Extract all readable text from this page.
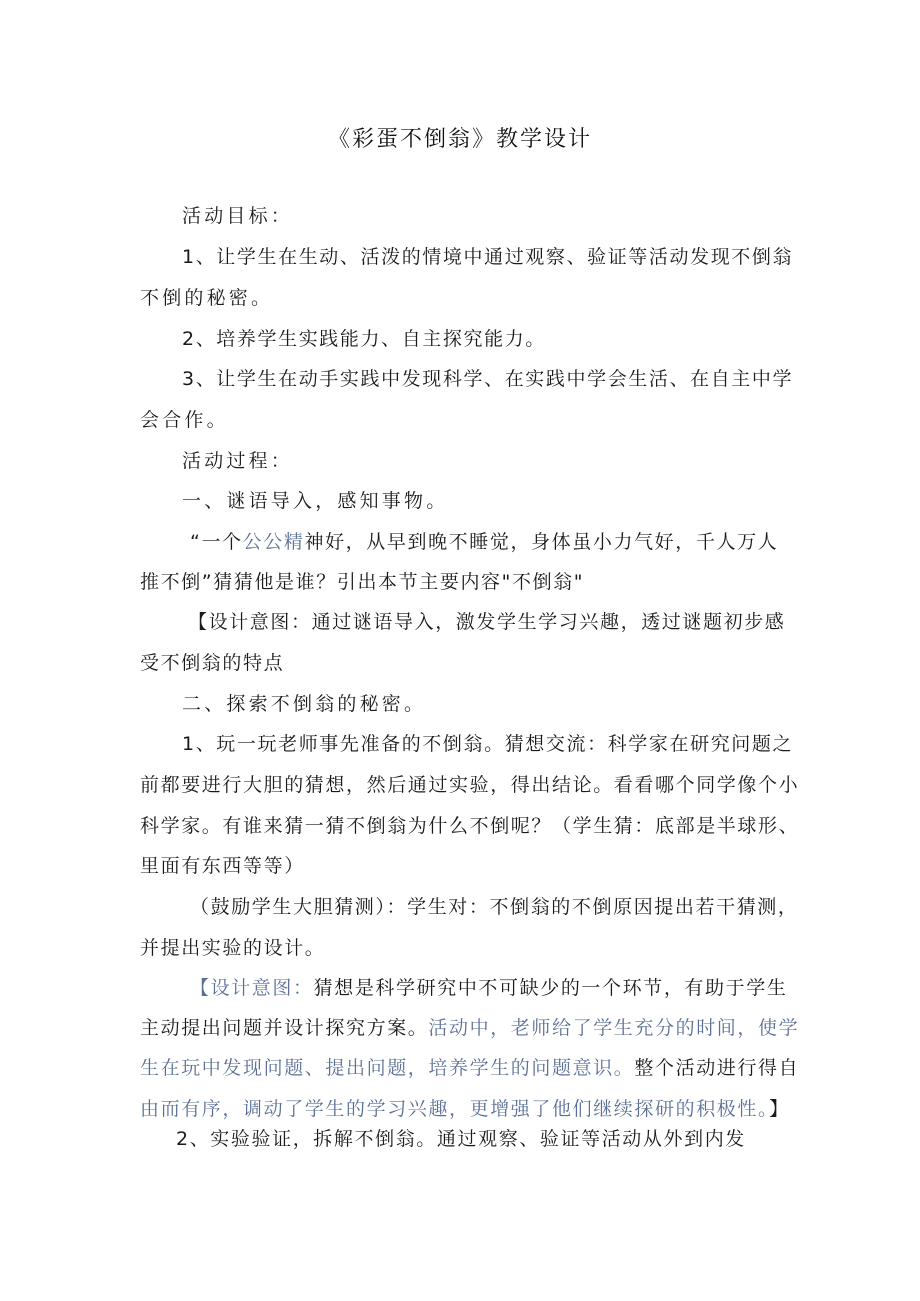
《彩蛋不倒翁》教学设计
活动目标：
1、让学生在生动、活泼的情境中通过观察、验证等活动发现不倒翁
不倒的秘密。
2、培养学生实践能力、自主探究能力。
3、让学生在动手实践中发现科学、在实践中学会生活、在自主中学
会合作。
活动过程：
一、谜语导入，感知事物。
“一个公公精神好，从早到晚不睡觉，身体虽小力气好，千人万人
推不倒”猜猜他是谁？引出本节主要内容"不倒翁"
【设计意图：通过谜语导入，激发学生学习兴趣，透过谜题初步感
受不倒翁的特点
二、探索不倒翁的秘密。
1、玩一玩老师事先准备的不倒翁。猜想交流：科学家在研究问题之
前都要进行大胆的猜想，然后通过实验，得出结论。看看哪个同学像个小
科学家。有谁来猜一猜不倒翁为什么不倒呢？（学生猜：底部是半球形、
里面有东西等等）
（鼓励学生大胆猜测）：学生对：不倒翁的不倒原因提出若干猜测，
并提出实验的设计。
【设计意图：猜想是科学研究中不可缺少的一个环节，有助于学生
主动提出问题并设计探究方案。活动中，老师给了学生充分的时间，使学
生在玩中发现问题、提出问题，培养学生的问题意识。整个活动进行得自
由而有序，调动了学生的学习兴趣，更增强了他们继续探研的积极性。】
2、实验验证，拆解不倒翁。通过观察、验证等活动从外到内发
